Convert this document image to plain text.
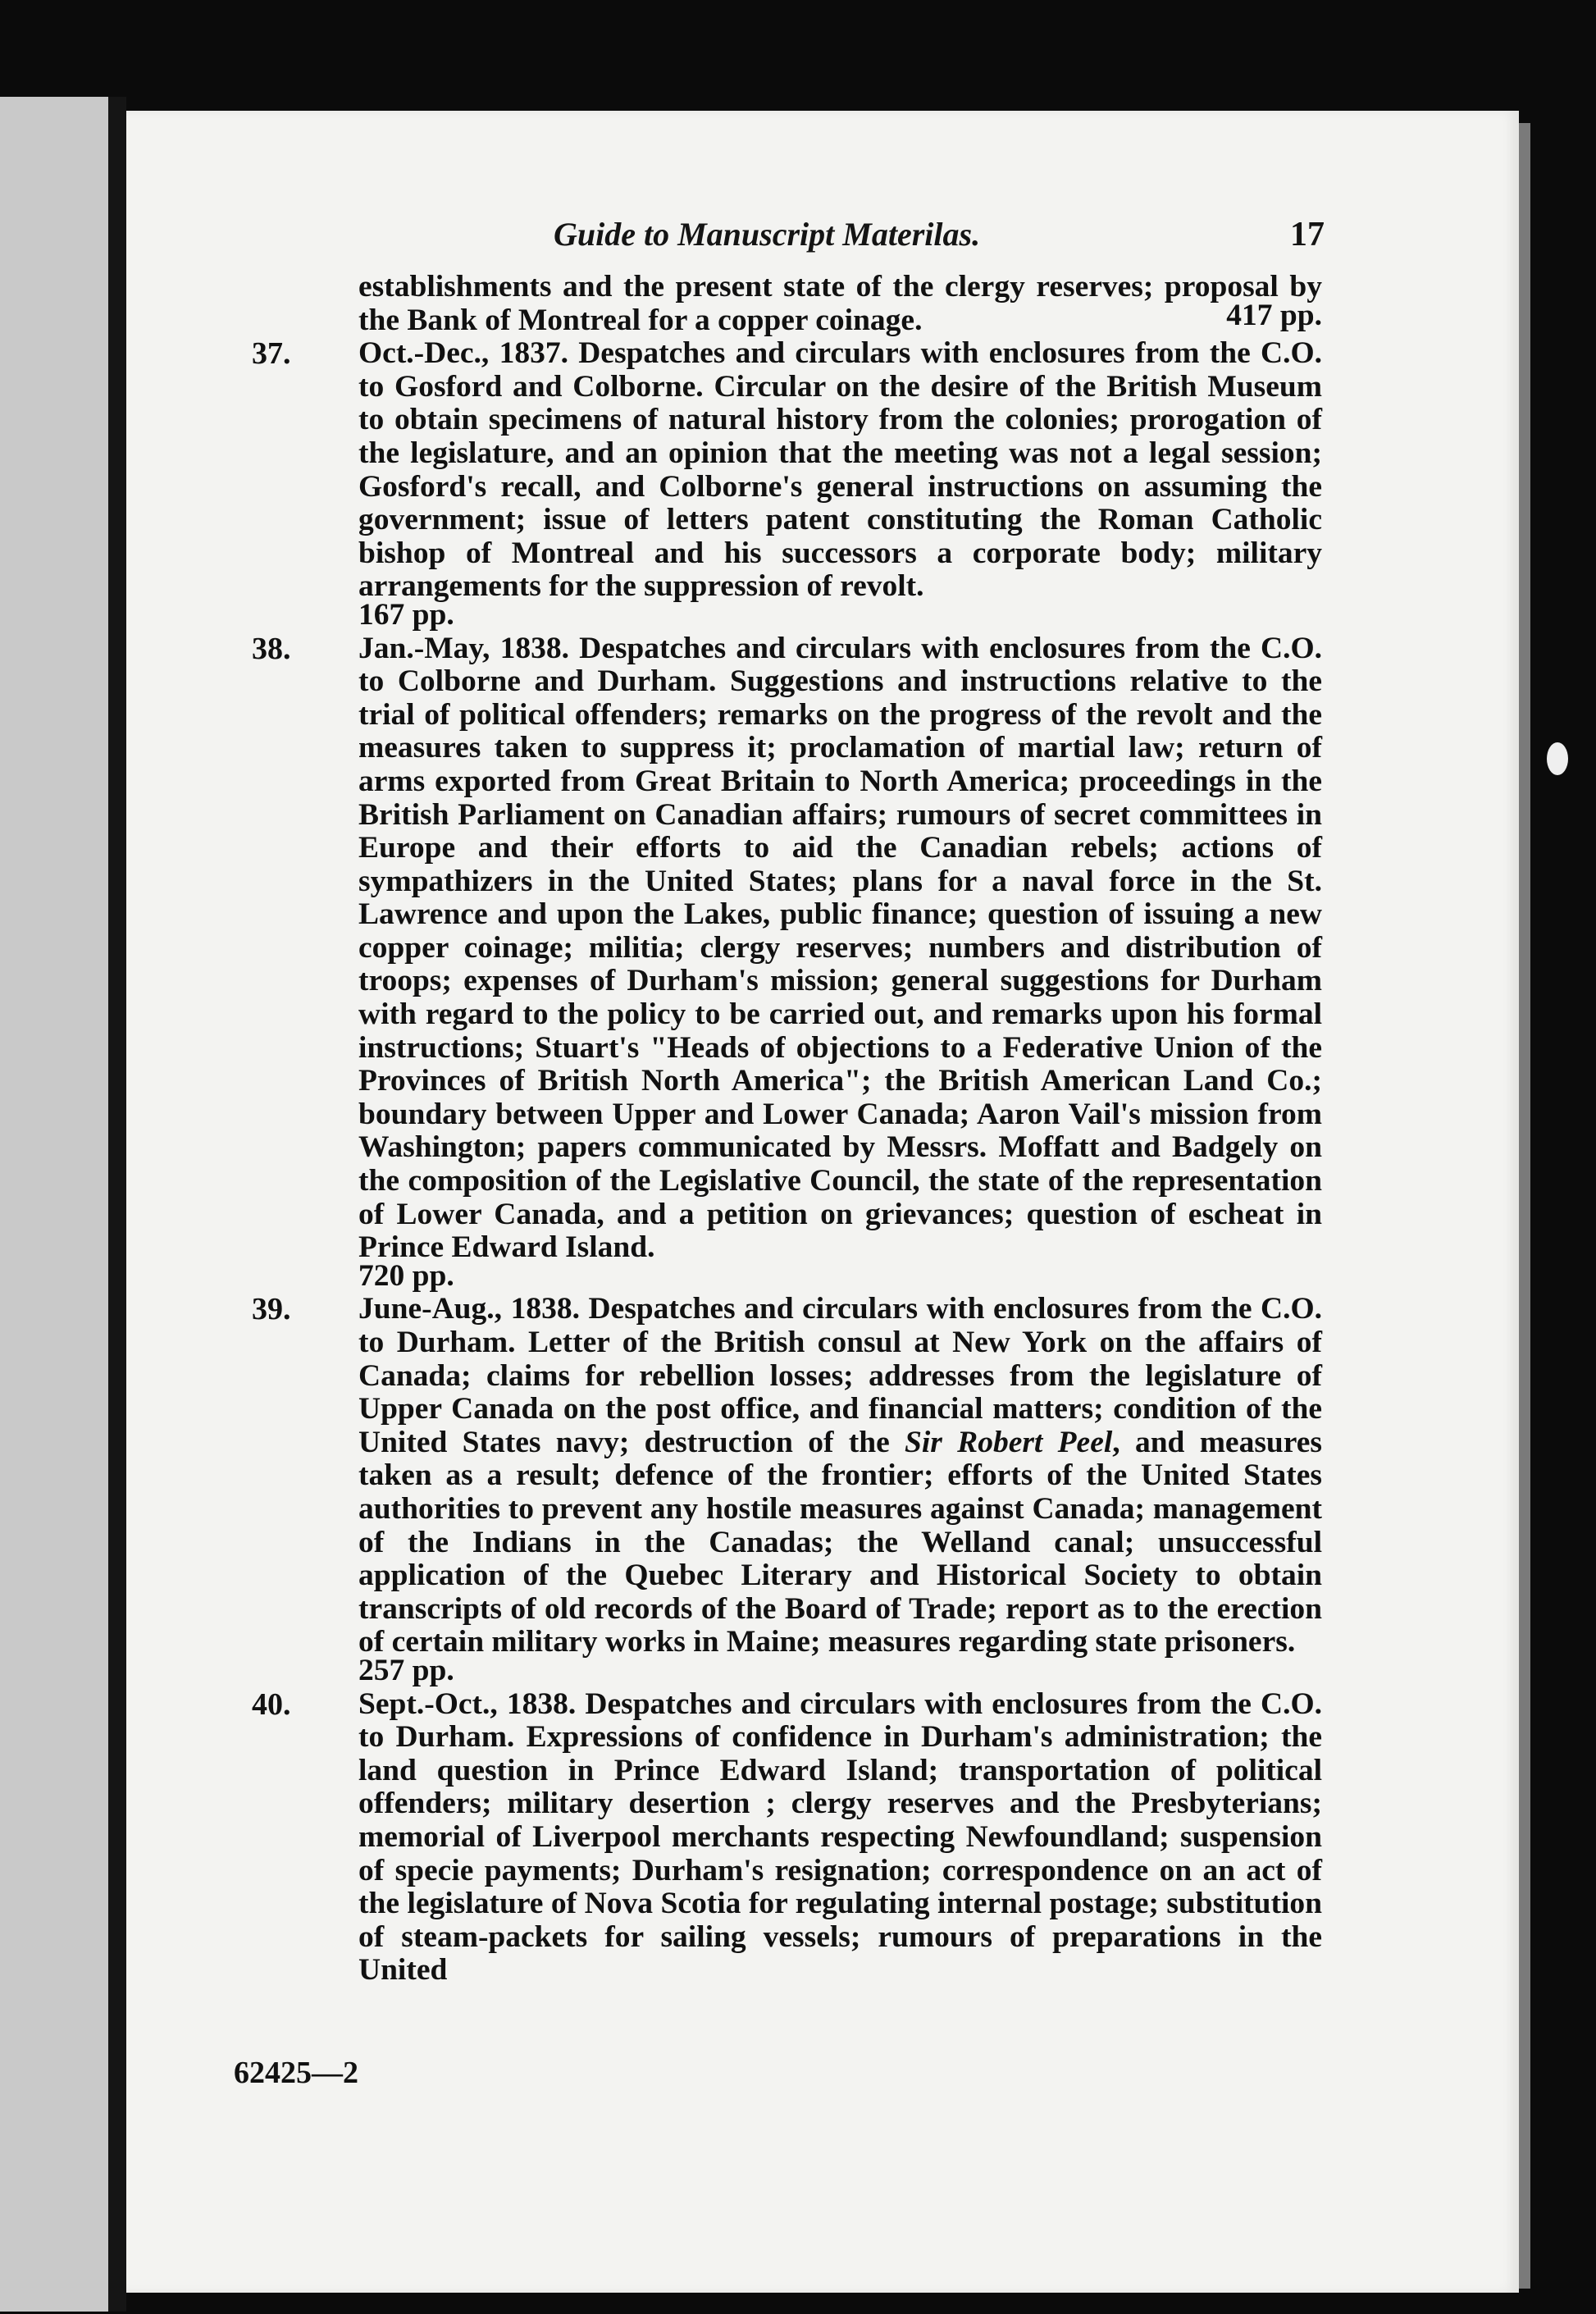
Guide to Manuscript Materilas.	17

establishments and the present state of the clergy reserves; proposal by the Bank of Montreal for a copper coinage.	417 pp.

37. Oct.-Dec., 1837. Despatches and circulars with enclosures from the C.O. to Gosford and Colborne. Circular on the desire of the British Museum to obtain specimens of natural history from the colonies; prorogation of the legislature, and an opinion that the meeting was not a legal session; Gosford's recall, and Colborne's general instructions on assuming the government; issue of letters patent constituting the Roman Catholic bishop of Montreal and his successors a corporate body; military arrangements for the suppression of revolt.
167 pp.

38. Jan.-May, 1838. Despatches and circulars with enclosures from the C.O. to Colborne and Durham. Suggestions and instructions relative to the trial of political offenders; remarks on the progress of the revolt and the measures taken to suppress it; proclamation of martial law; return of arms exported from Great Britain to North America; proceedings in the British Parliament on Canadian affairs; rumours of secret committees in Europe and their efforts to aid the Canadian rebels; actions of sympathizers in the United States; plans for a naval force in the St. Lawrence and upon the Lakes, public finance; question of issuing a new copper coinage; militia; clergy reserves; numbers and distribution of troops; expenses of Durham's mission; general suggestions for Durham with regard to the policy to be carried out, and remarks upon his formal instructions; Stuart's "Heads of objections to a Federative Union of the Provinces of British North America"; the British American Land Co.; boundary between Upper and Lower Canada; Aaron Vail's mission from Washington; papers communicated by Messrs. Moffatt and Badgely on the composition of the Legislative Council, the state of the representation of Lower Canada, and a petition on grievances; question of escheat in Prince Edward Island.
720 pp.

39. June-Aug., 1838. Despatches and circulars with enclosures from the C.O. to Durham. Letter of the British consul at New York on the affairs of Canada; claims for rebellion losses; addresses from the legislature of Upper Canada on the post office, and financial matters; condition of the United States navy; destruction of the Sir Robert Peel, and measures taken as a result; defence of the frontier; efforts of the United States authorities to prevent any hostile measures against Canada; management of the Indians in the Canadas; the Welland canal; unsuccessful application of the Quebec Literary and Historical Society to obtain transcripts of old records of the Board of Trade; report as to the erection of certain military works in Maine; measures regarding state prisoners.
257 pp.

40. Sept.-Oct., 1838. Despatches and circulars with enclosures from the C.O. to Durham. Expressions of confidence in Durham's administration; the land question in Prince Edward Island; transportation of political offenders; military desertion ; clergy reserves and the Presbyterians; memorial of Liverpool merchants respecting Newfoundland; suspension of specie payments; Durham's resignation; correspondence on an act of the legislature of Nova Scotia for regulating internal postage; substitution of steam-packets for sailing vessels; rumours of preparations in the United

62425—2
